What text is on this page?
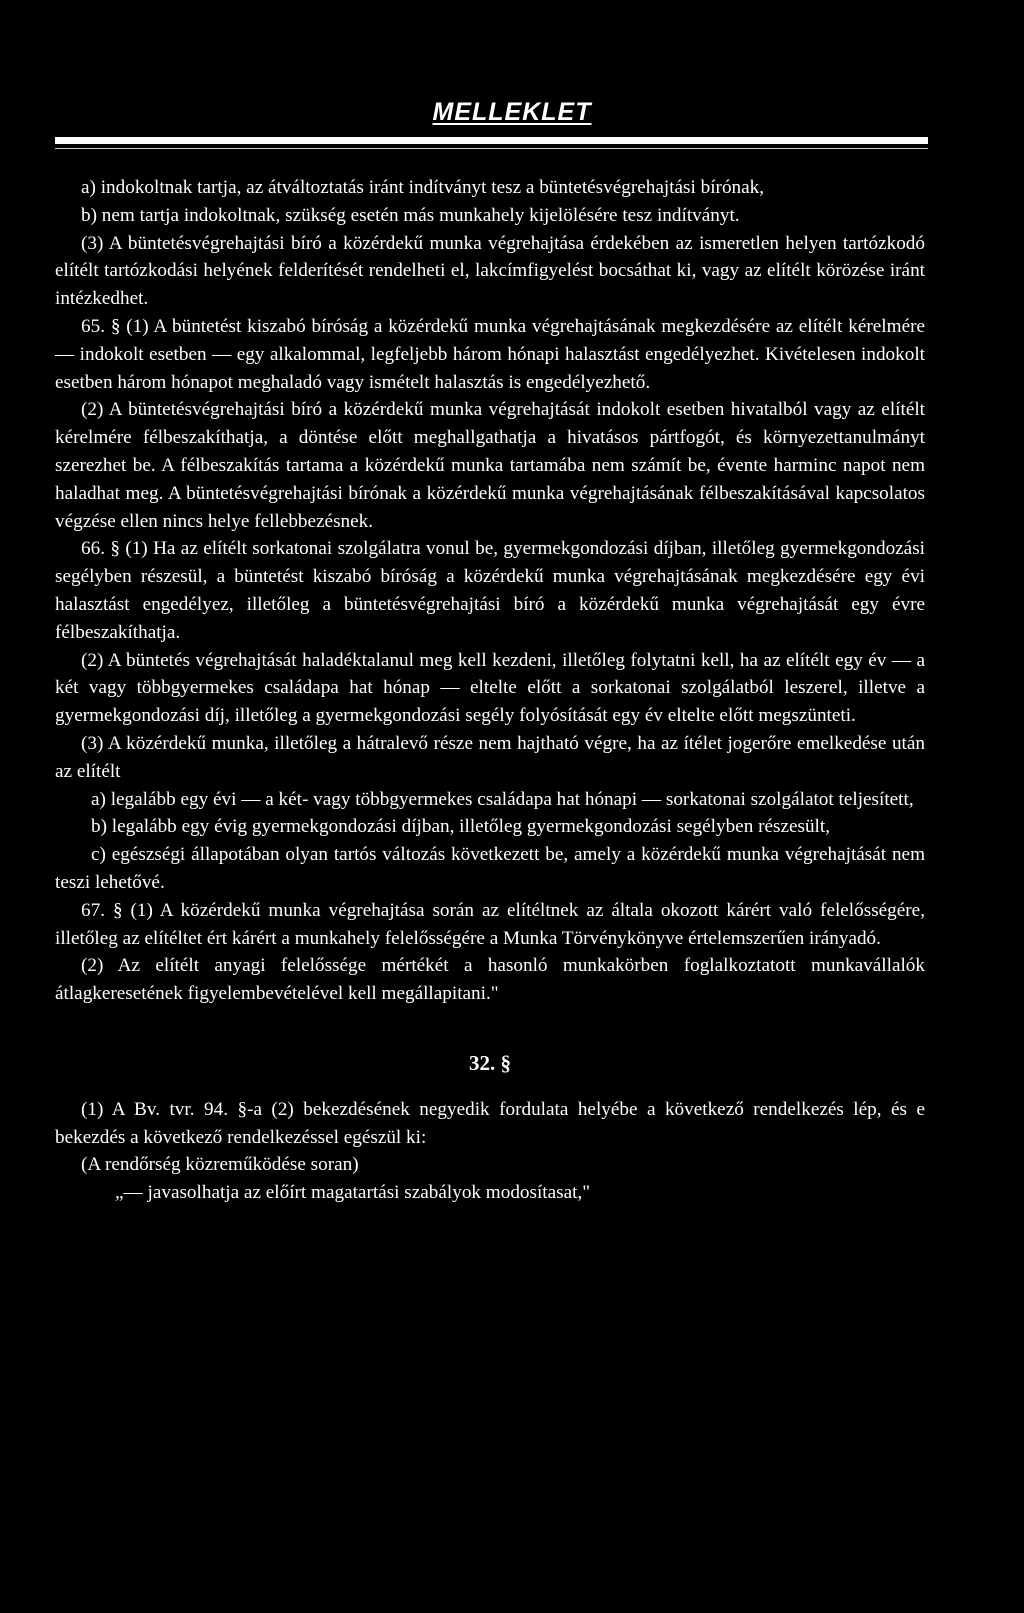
MELLEKLET

a) indokoltnak tartja, az átváltoztatás iránt indítványt tesz a büntetésvégrehajtási bírónak,

b) nem tartja indokoltnak, szükség esetén más munkahely kijelölésére tesz indítványt.

(3) A büntetésvégrehajtási bíró a közérdekű munka végrehajtása érdekében az ismeretlen helyen tartózkodó elítélt tartózkodási helyének felderítését rendelheti el, lakcímfigyelést bocsáthat ki, vagy az elítélt körözése iránt intézkedhet.

65. § (1) A büntetést kiszabó bíróság a közérdekű munka végrehajtásának megkezdésére az elítélt kérelmére — indokolt esetben — egy alkalommal, legfeljebb három hónapi halasztást engedélyezhet. Kivételesen indokolt esetben három hónapot meghaladó vagy ismételt halasztás is engedélyezhető.

(2) A büntetésvégrehajtási bíró a közérdekű munka végrehajtását indokolt esetben hivatalból vagy az elítélt kérelmére félbeszakíthatja, a döntése előtt meghallgathatja a hivatásos pártfogót, és környezettanulmányt szerezhet be. A félbeszakítás tartama a közérdekű munka tartamába nem számít be, évente harminc napot nem haladhat meg. A büntetésvégrehajtási bírónak a közérdekű munka végrehajtásának félbeszakításával kapcsolatos végzése ellen nincs helye fellebbezésnek.

66. § (1) Ha az elítélt sorkatonai szolgálatra vonul be, gyermekgondozási díjban, illetőleg gyermekgondozási segélyben részesül, a büntetést kiszabó bíróság a közérdekű munka végrehajtásának megkezdésére egy évi halasztást engedélyez, illetőleg a büntetésvégrehajtási bíró a közérdekű munka végrehajtását egy évre félbeszakíthatja.

(2) A büntetés végrehajtását haladéktalanul meg kell kezdeni, illetőleg folytatni kell, ha az elítélt egy év — a két vagy többgyermekes családapa hat hónap — eltelte előtt a sorkatonai szolgálatból leszerel, illetve a gyermekgondozási díj, illetőleg a gyermekgondozási segély folyósítását egy év eltelte előtt megszünteti.

(3) A közérdekű munka, illetőleg a hátralevő része nem hajtható végre, ha az ítélet jogerőre emelkedése után az elítélt

a) legalább egy évi — a két- vagy többgyermekes családapa hat hónapi — sorkatonai szolgálatot teljesített,

b) legalább egy évig gyermekgondozási díjban, illetőleg gyermekgondozási segélyben részesült,

c) egészségi állapotában olyan tartós változás következett be, amely a közérdekű munka végrehajtását nem teszi lehetővé.

67. § (1) A közérdekű munka végrehajtása során az elítéltnek az általa okozott kárért való felelősségére, illetőleg az elítéltet ért kárért a munkahely felelősségére a Munka Törvénykönyve értelemszerűen irányadó.

(2) Az elítélt anyagi felelőssége mértékét a hasonló munkakörben foglalkoztatott munkavállalók átlagkeresetének figyelembevételével kell megállapitani."

32. §

(1) A Bv. tvr. 94. §-a (2) bekezdésének negyedik fordulata helyébe a következő rendelkezés lép, és e bekezdés a következő rendelkezéssel egészül ki:

(A rendőrség közreműködése soran)

„— javasolhatja az előírt magatartási szabályok modosítasat,"
